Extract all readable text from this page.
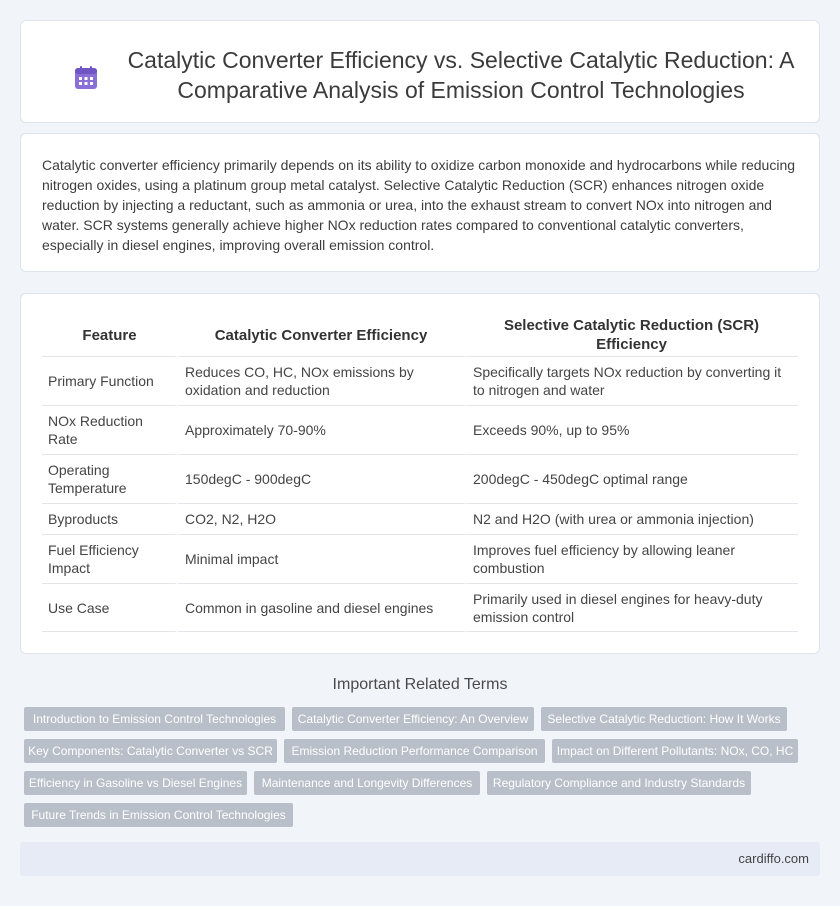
Catalytic Converter Efficiency vs. Selective Catalytic Reduction: A Comparative Analysis of Emission Control Technologies

Catalytic converter efficiency primarily depends on its ability to oxidize carbon monoxide and hydrocarbons while reducing nitrogen oxides, using a platinum group metal catalyst. Selective Catalytic Reduction (SCR) enhances nitrogen oxide reduction by injecting a reductant, such as ammonia or urea, into the exhaust stream to convert NOx into nitrogen and water. SCR systems generally achieve higher NOx reduction rates compared to conventional catalytic converters, especially in diesel engines, improving overall emission control.

Feature	Catalytic Converter Efficiency	Selective Catalytic Reduction (SCR) Efficiency
Primary Function	Reduces CO, HC, NOx emissions by oxidation and reduction	Specifically targets NOx reduction by converting it to nitrogen and water
NOx Reduction Rate	Approximately 70-90%	Exceeds 90%, up to 95%
Operating Temperature	150degC - 900degC	200degC - 450degC optimal range
Byproducts	CO2, N2, H2O	N2 and H2O (with urea or ammonia injection)
Fuel Efficiency Impact	Minimal impact	Improves fuel efficiency by allowing leaner combustion
Use Case	Common in gasoline and diesel engines	Primarily used in diesel engines for heavy-duty emission control
Important Related Terms
Introduction to Emission Control Technologies	Catalytic Converter Efficiency: An Overview	Selective Catalytic Reduction: How It Works
Key Components: Catalytic Converter vs SCR	Emission Reduction Performance Comparison	Impact on Different Pollutants: NOx, CO, HC
Efficiency in Gasoline vs Diesel Engines	Maintenance and Longevity Differences	Regulatory Compliance and Industry Standards
Future Trends in Emission Control Technologies
cardiffo.com
